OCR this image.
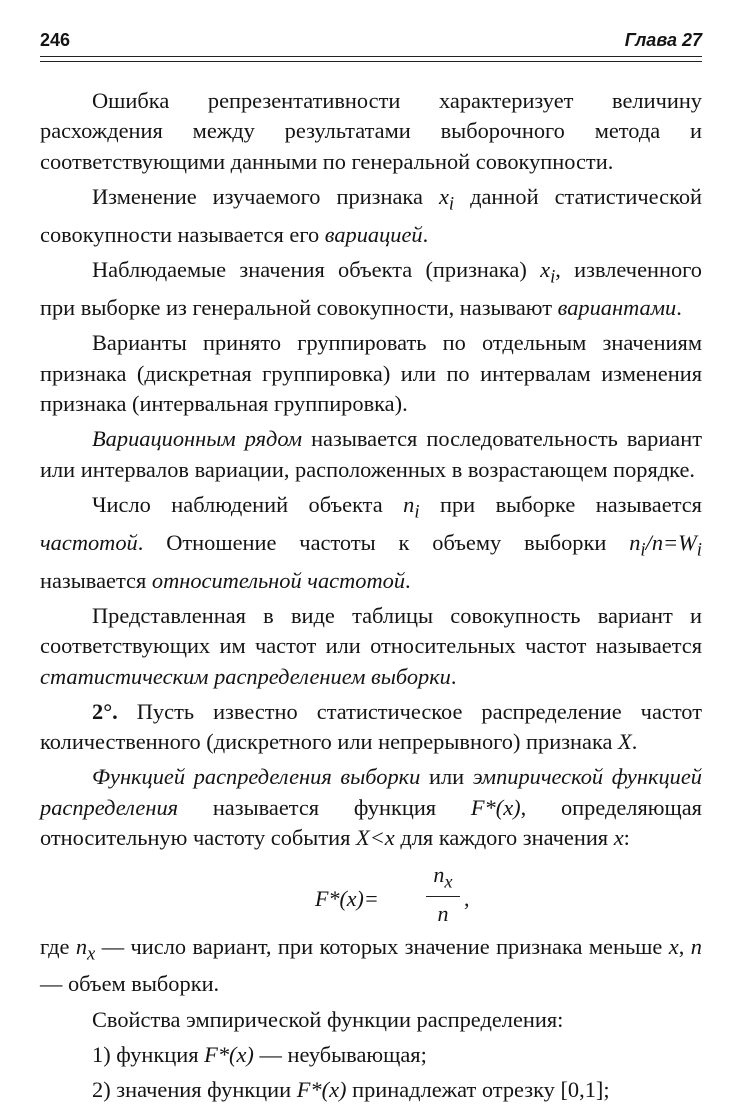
246	Глава 27

Ошибка репрезентативности характеризует величину расхождения между результатами выборочного метода и соответствующими данными по генеральной совокупности.

Изменение изучаемого признака $x_i$ данной статистической совокупности называется его вариацией.

Наблюдаемые значения объекта (признака) $x_i$, извлеченного при выборке из генеральной совокупности, называют вариантами.

Варианты принято группировать по отдельным значениям признака (дискретная группировка) или по интервалам изменения признака (интервальная группировка).

Вариационным рядом называется последовательность вариант или интервалов вариации, расположенных в возрастающем порядке.

Число наблюдений объекта $n_i$ при выборке называется частотой. Отношение частоты к объему выборки $n_i/n=W_i$ называется относительной частотой.

Представленная в виде таблицы совокупность вариант и соответствующих им частот или относительных частот называется статистическим распределением выборки.

2°. Пусть известно статистическое распределение частот количественного (дискретного или непрерывного) признака X.

Функцией распределения выборки или эмпирической функцией распределения называется функция F*(x), определяющая относительную частоту события X<x для каждого значения x:

F*(x)=
$n_x$
n
,

где $n_x$ — число вариант, при которых значение признака меньше x, n — объем выборки.

Свойства эмпирической функции распределения:

1) функция F*(x) — неубывающая;

2) значения функции F*(x) принадлежат отрезку [0,1];
